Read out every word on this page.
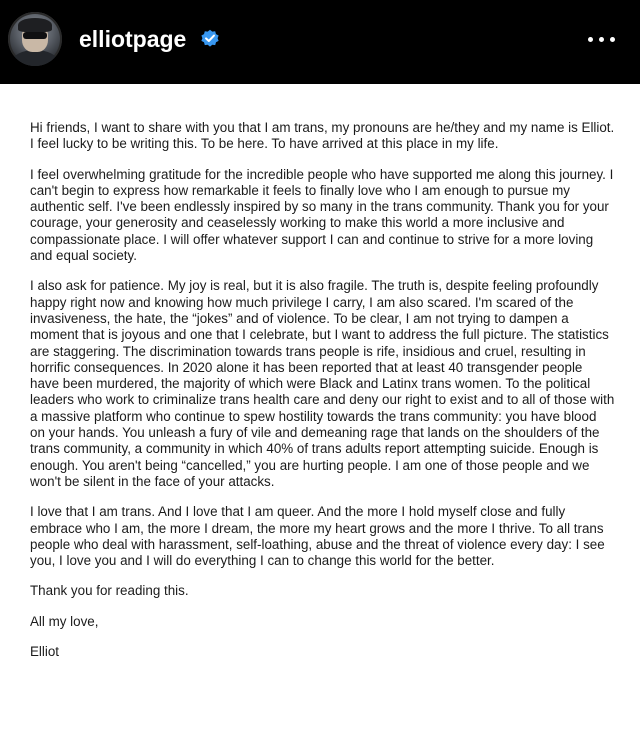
elliotpage

Hi friends, I want to share with you that I am trans, my pronouns are he/they and my name is Elliot. I feel lucky to be writing this. To be here. To have arrived at this place in my life.

I feel overwhelming gratitude for the incredible people who have supported me along this journey. I can't begin to express how remarkable it feels to finally love who I am enough to pursue my authentic self. I've been endlessly inspired by so many in the trans community. Thank you for your courage, your generosity and ceaselessly working to make this world a more inclusive and compassionate place. I will offer whatever support I can and continue to strive for a more loving and equal society.

I also ask for patience. My joy is real, but it is also fragile. The truth is, despite feeling profoundly happy right now and knowing how much privilege I carry, I am also scared. I'm scared of the invasiveness, the hate, the “jokes” and of violence. To be clear, I am not trying to dampen a moment that is joyous and one that I celebrate, but I want to address the full picture. The statistics are staggering. The discrimination towards trans people is rife, insidious and cruel, resulting in horrific consequences. In 2020 alone it has been reported that at least 40 transgender people have been murdered, the majority of which were Black and Latinx trans women. To the political leaders who work to criminalize trans health care and deny our right to exist and to all of those with a massive platform who continue to spew hostility towards the trans community: you have blood on your hands. You unleash a fury of vile and demeaning rage that lands on the shoulders of the trans community, a community in which 40% of trans adults report attempting suicide. Enough is enough. You aren't being “cancelled,” you are hurting people. I am one of those people and we won't be silent in the face of your attacks.

I love that I am trans. And I love that I am queer. And the more I hold myself close and fully embrace who I am, the more I dream, the more my heart grows and the more I thrive. To all trans people who deal with harassment, self-loathing, abuse and the threat of violence every day: I see you, I love you and I will do everything I can to change this world for the better.

Thank you for reading this.

All my love,

Elliot
